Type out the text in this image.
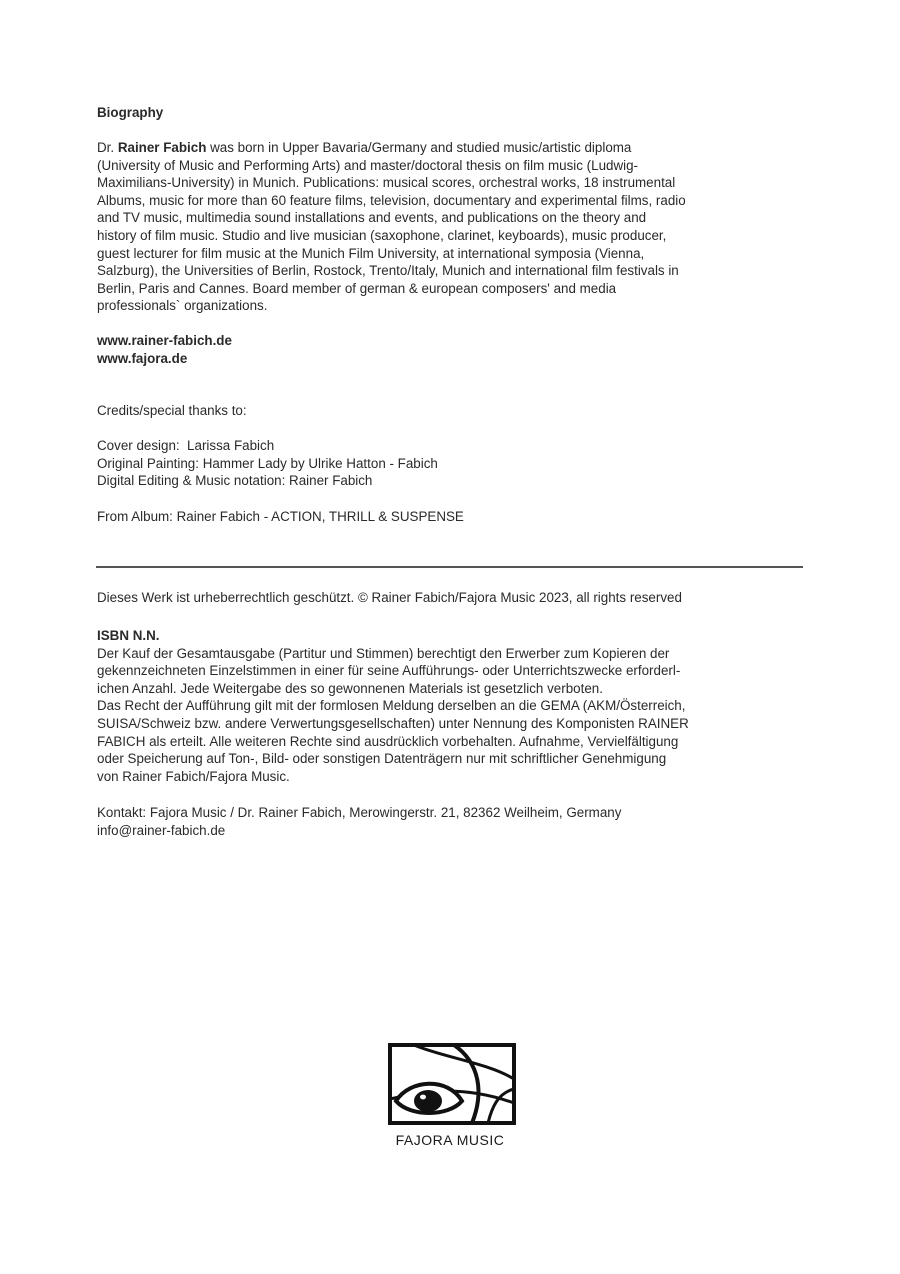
Biography
Dr. Rainer Fabich was born in Upper Bavaria/Germany and studied music/artistic diploma
(University of Music and Performing Arts) and master/doctoral thesis on film music (Ludwig-
Maximilians-University) in Munich. Publications: musical scores, orchestral works, 18 instrumental
Albums, music for more than 60 feature films, television, documentary and experimental films, radio
and TV music, multimedia sound installations and events, and publications on the theory and
history of film music. Studio and live musician (saxophone, clarinet, keyboards), music producer,
guest lecturer for film music at the Munich Film University, at international symposia (Vienna,
Salzburg), the Universities of Berlin, Rostock, Trento/Italy, Munich and international film festivals in
Berlin, Paris and Cannes. Board member of german & european composers' and media
professionals` organizations.
www.rainer-fabich.de
www.fajora.de
Credits/special thanks to:
Cover design:  Larissa Fabich
Original Painting: Hammer Lady by Ulrike Hatton - Fabich
Digital Editing & Music notation: Rainer Fabich
From Album: Rainer Fabich - ACTION, THRILL & SUSPENSE
Dieses Werk ist urheberrechtlich geschützt. © Rainer Fabich/Fajora Music 2023, all rights reserved
ISBN N.N.
Der Kauf der Gesamtausgabe (Partitur und Stimmen) berechtigt den Erwerber zum Kopieren der
gekennzeichneten Einzelstimmen in einer für seine Aufführungs- oder Unterrichtszwecke erforderl-
ichen Anzahl. Jede Weitergabe des so gewonnenen Materials ist gesetzlich verboten.
Das Recht der Aufführung gilt mit der formlosen Meldung derselben an die GEMA (AKM/Österreich,
SUISA/Schweiz bzw. andere Verwertungsgesellschaften) unter Nennung des Komponisten RAINER
FABICH als erteilt. Alle weiteren Rechte sind ausdrücklich vorbehalten. Aufnahme, Vervielfältigung
oder Speicherung auf Ton-, Bild- oder sonstigen Datenträgern nur mit schriftlicher Genehmigung
von Rainer Fabich/Fajora Music.
Kontakt: Fajora Music / Dr. Rainer Fabich, Merowingerstr. 21, 82362 Weilheim, Germany
info@rainer-fabich.de
FAJORA MUSIC
